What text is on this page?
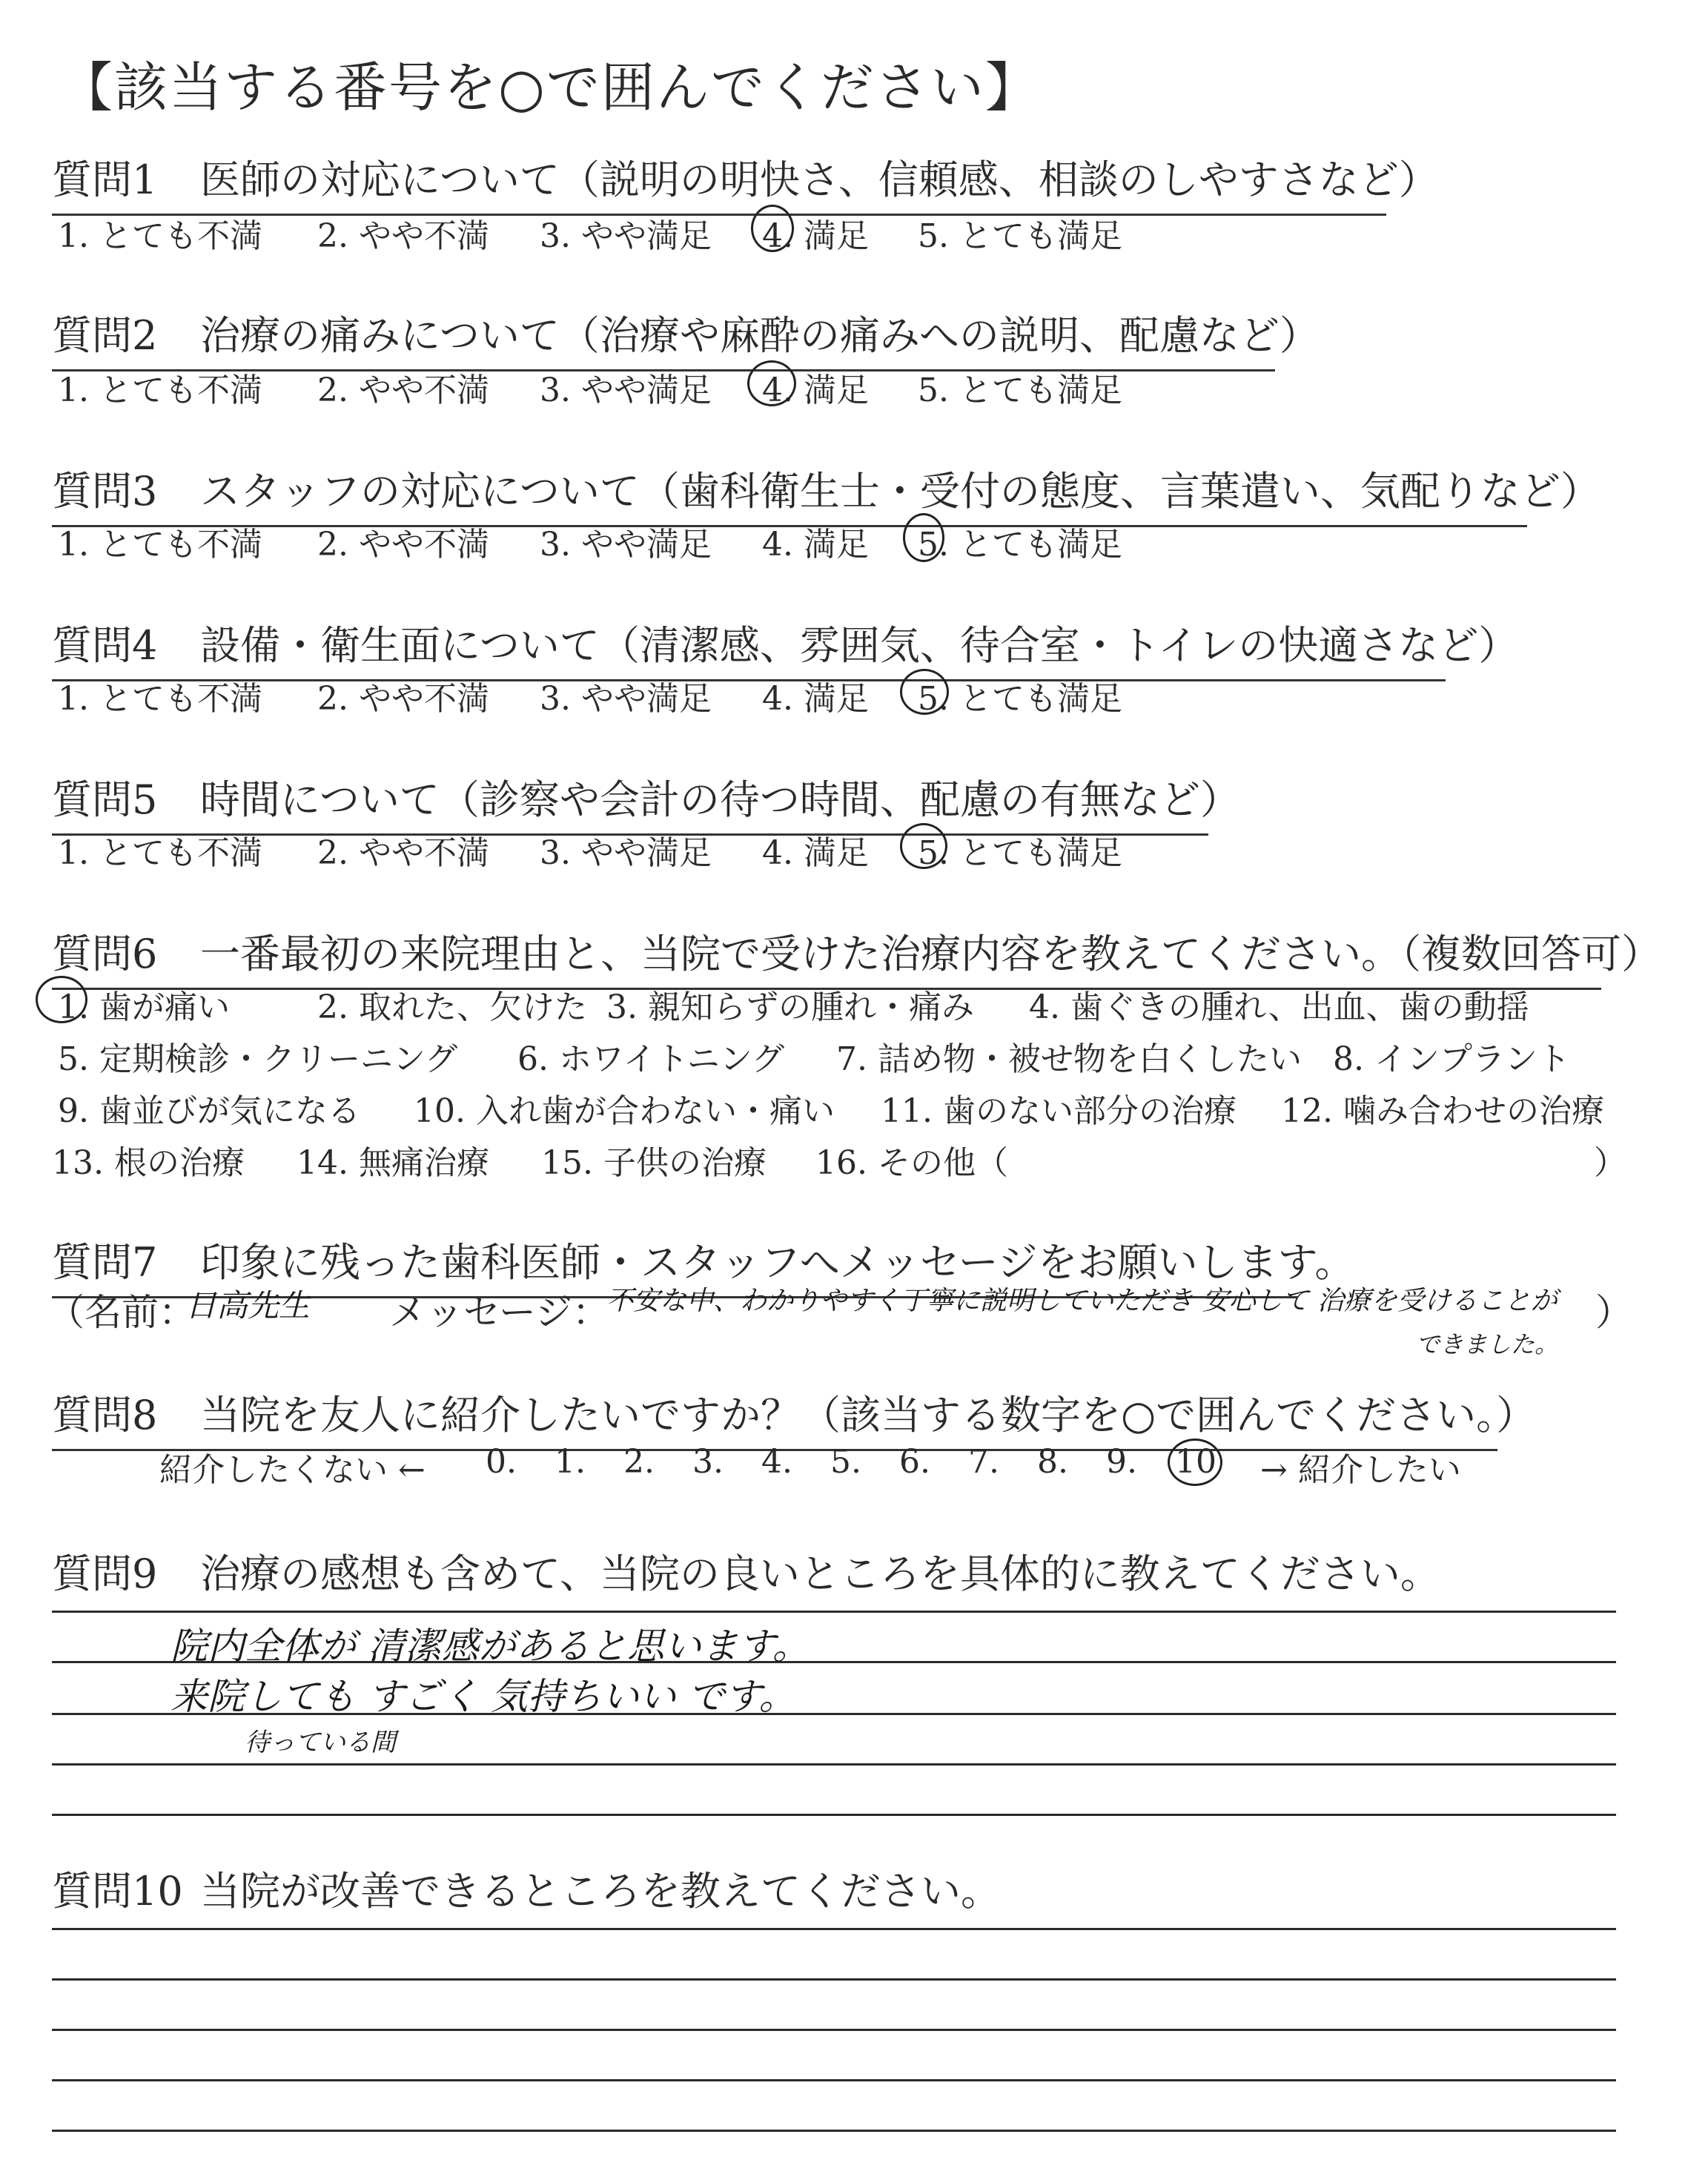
【該当する番号を○で囲んでください】
質問1 医師の対応について（説明の明快さ、信頼感、相談のしやすさなど）
1. とても不満 2. やや不満 3. やや満足 4. 満足 5. とても満足
質問2 治療の痛みについて（治療や麻酔の痛みへの説明、配慮など）
1. とても不満 2. やや不満 3. やや満足 4. 満足 5. とても満足
質問3 スタッフの対応について（歯科衛生士・受付の態度、言葉遣い、気配りなど）
1. とても不満 2. やや不満 3. やや満足 4. 満足 5. とても満足
質問4 設備・衛生面について（清潔感、雰囲気、待合室・トイレの快適さなど）
1. とても不満 2. やや不満 3. やや満足 4. 満足 5. とても満足
質問5 時間について（診察や会計の待つ時間、配慮の有無など）
1. とても不満 2. やや不満 3. やや満足 4. 満足 5. とても満足
質問6 一番最初の来院理由と、当院で受けた治療内容を教えてください。（複数回答可）
1. 歯が痛い	2. 取れた、欠けた 3. 親知らずの腫れ・痛み 4. 歯ぐきの腫れ、出血、歯の動揺
5. 定期検診・クリーニング 6. ホワイトニング 7. 詰め物・被せ物を白くしたい 8. インプラント
9. 歯並びが気になる 10. 入れ歯が合わない・痛い 11. 歯のない部分の治療 12. 噛み合わせの治療
13. 根の治療 14. 無痛治療 15. 子供の治療 16. その他（	）
質問7 印象に残った歯科医師・スタッフへメッセージをお願いします。
（名前：
日高先生 メッセージ：
不安な中、わかりやすく丁寧に説明していただき 安心して 治療を受けることが
できました。
）
質問8 当院を友人に紹介したいですか？（該当する数字を○で囲んでください。）
紹介したくない ← 0. 1. 2. 3. 4. 5. 6. 7. 8. 9. 10 → 紹介したい
質問9 治療の感想も含めて、当院の良いところを具体的に教えてください。
院内全体が 清潔感があると思います。
来院しても すごく 気持ちいい です。
待っている間
質問10 当院が改善できるところを教えてください。
